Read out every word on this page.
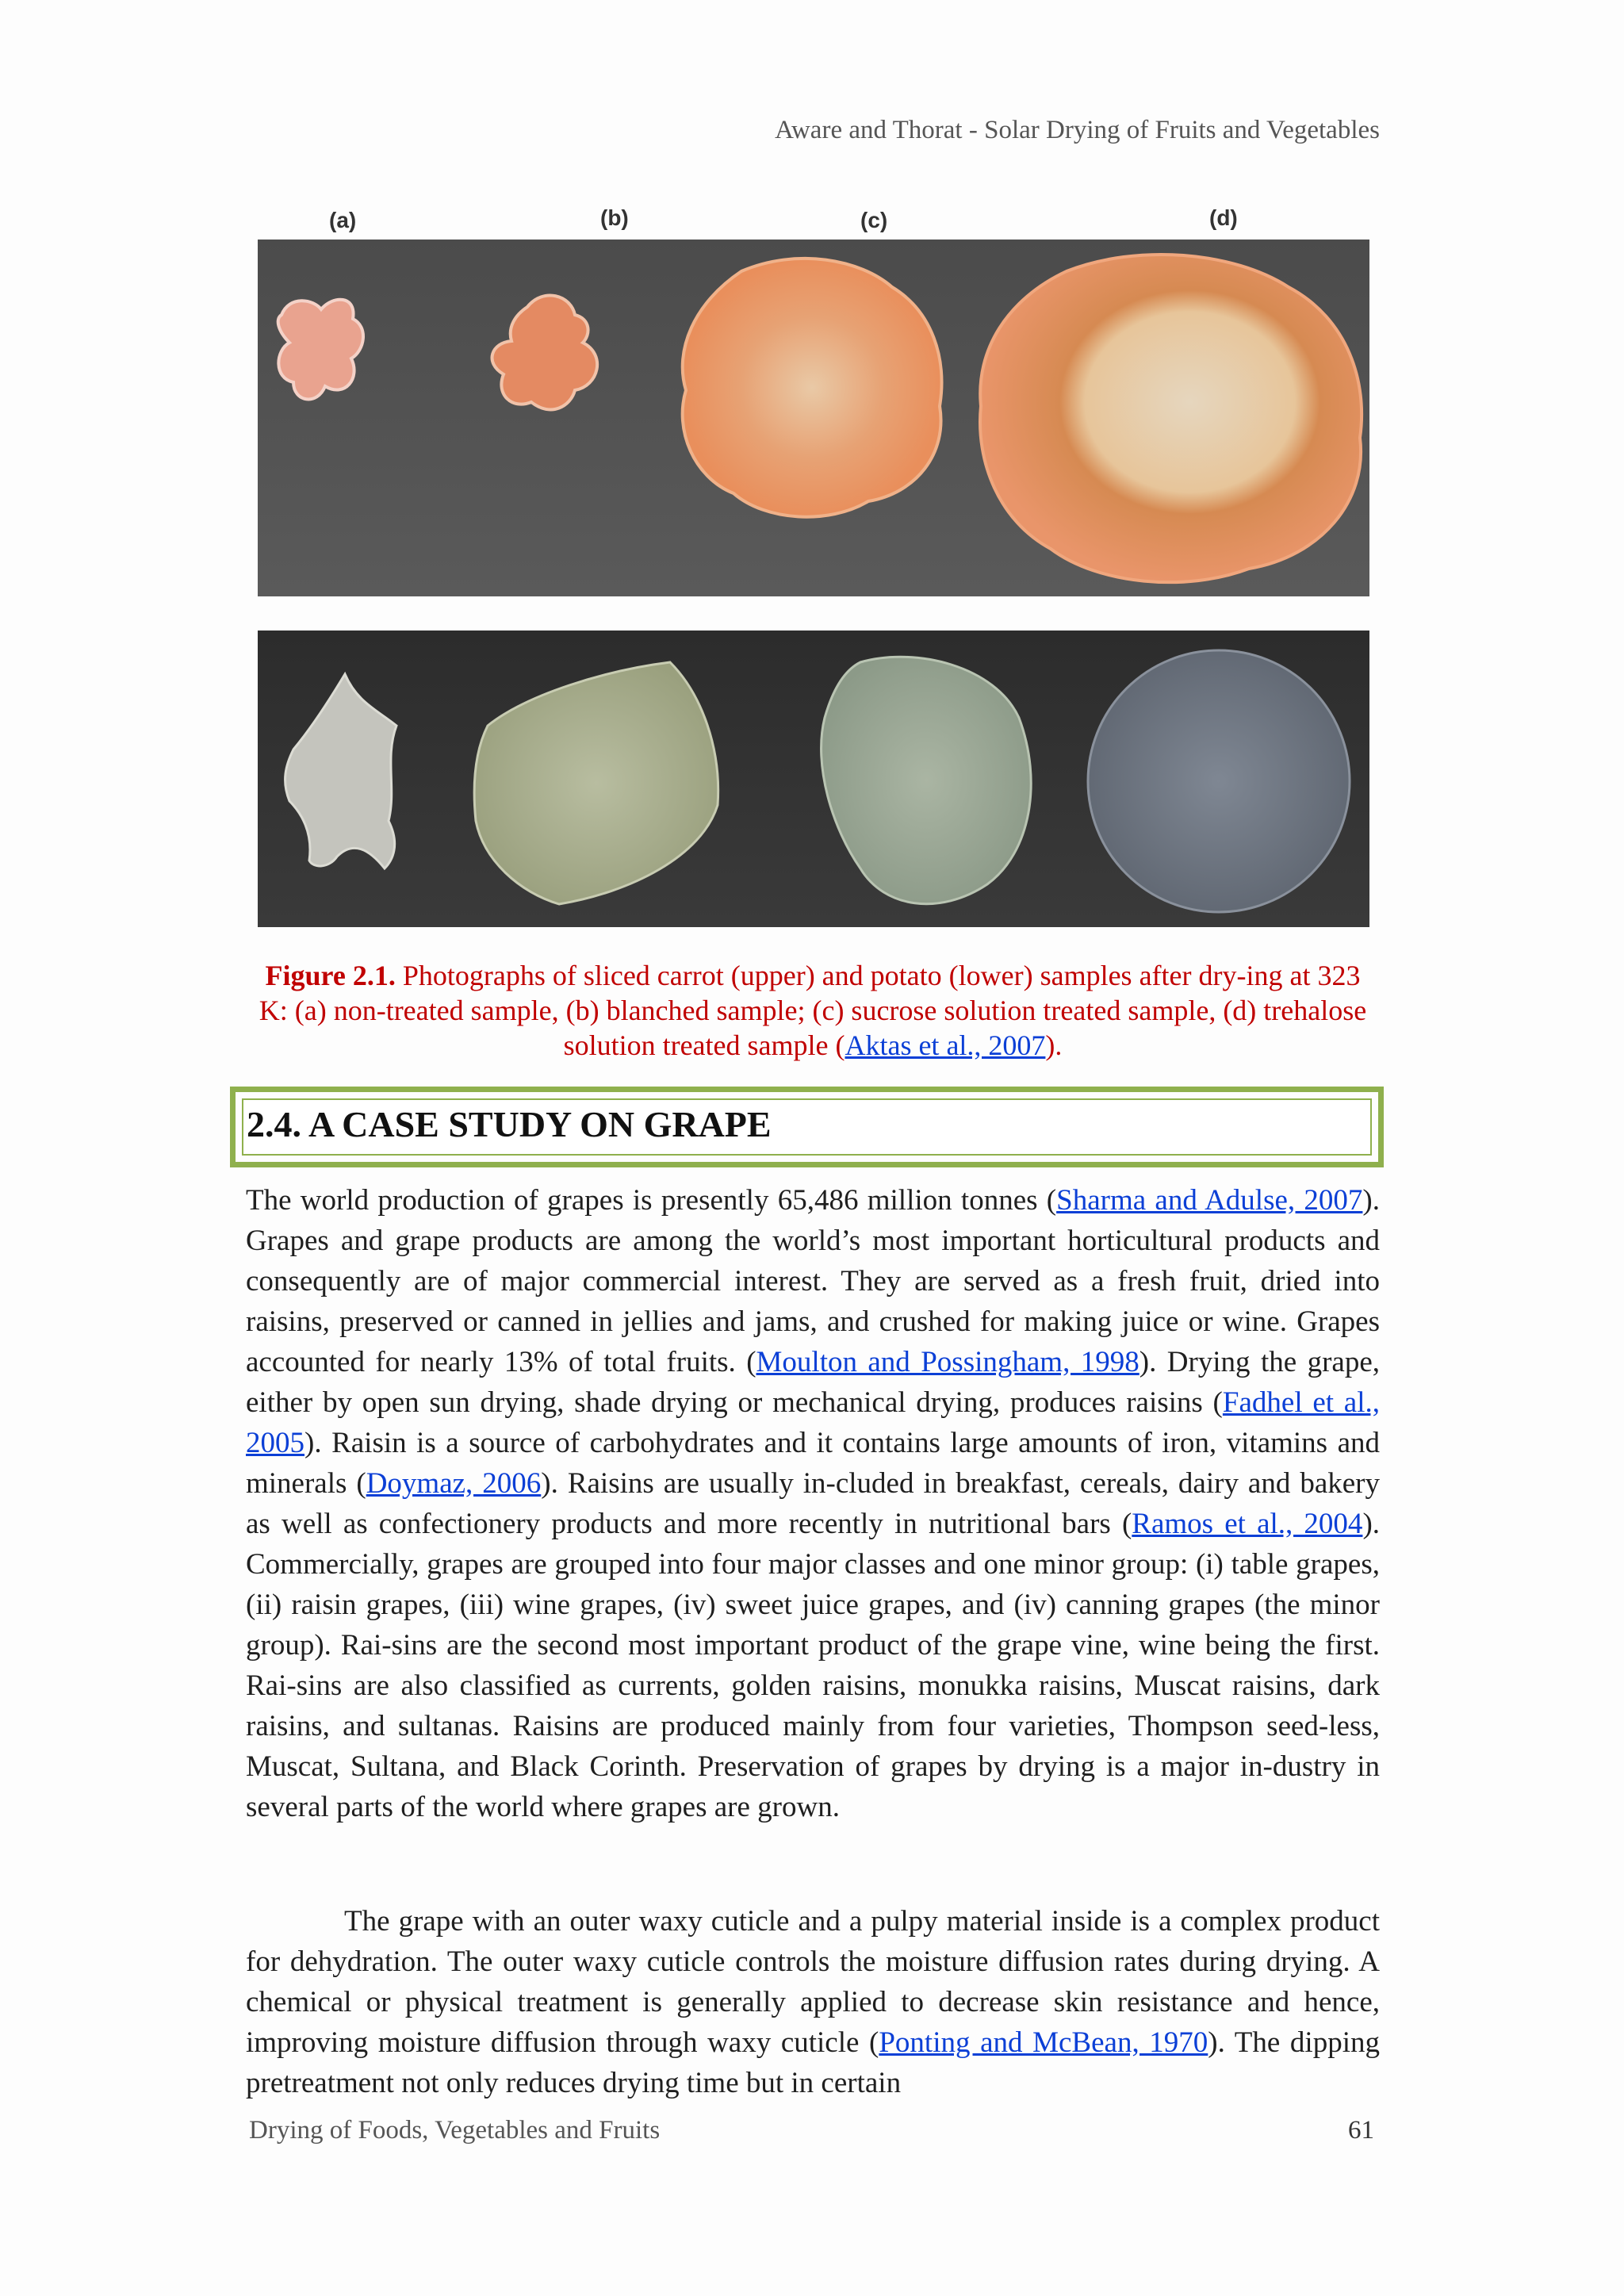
Aware and Thorat - Solar Drying of Fruits and Vegetables
(a)	(b)	(c)	(d)
Figure 2.1. Photographs of sliced carrot (upper) and potato (lower) samples after dry-ing at 323 K: (a) non-treated sample, (b) blanched sample; (c) sucrose solution treated sample, (d) trehalose solution treated sample (Aktas et al., 2007).
2.4. A CASE STUDY ON GRAPE
The world production of grapes is presently 65,486 million tonnes (Sharma and Adulse, 2007). Grapes and grape products are among the world’s most important horticultural products and consequently are of major commercial interest. They are served as a fresh fruit, dried into raisins, preserved or canned in jellies and jams, and crushed for making juice or wine. Grapes accounted for nearly 13% of total fruits. (Moulton and Possingham, 1998). Drying the grape, either by open sun drying, shade drying or mechanical drying, produces raisins (Fadhel et al., 2005). Raisin is a source of carbohydrates and it contains large amounts of iron, vitamins and minerals (Doymaz, 2006). Raisins are usually in-cluded in breakfast, cereals, dairy and bakery as well as confectionery products and more recently in nutritional bars (Ramos et al., 2004). Commercially, grapes are grouped into four major classes and one minor group: (i) table grapes, (ii) raisin grapes, (iii) wine grapes, (iv) sweet juice grapes, and (iv) canning grapes (the minor group). Rai-sins are the second most important product of the grape vine, wine being the first. Rai-sins are also classified as currents, golden raisins, monukka raisins, Muscat raisins, dark raisins, and sultanas. Raisins are produced mainly from four varieties, Thompson seed-less, Muscat, Sultana, and Black Corinth. Preservation of grapes by drying is a major in-dustry in several parts of the world where grapes are grown.
The grape with an outer waxy cuticle and a pulpy material inside is a complex product for dehydration. The outer waxy cuticle controls the moisture diffusion rates during drying. A chemical or physical treatment is generally applied to decrease skin resistance and hence, improving moisture diffusion through waxy cuticle (Ponting and McBean, 1970). The dipping pretreatment not only reduces drying time but in certain
Drying of Foods, Vegetables and Fruits	61
